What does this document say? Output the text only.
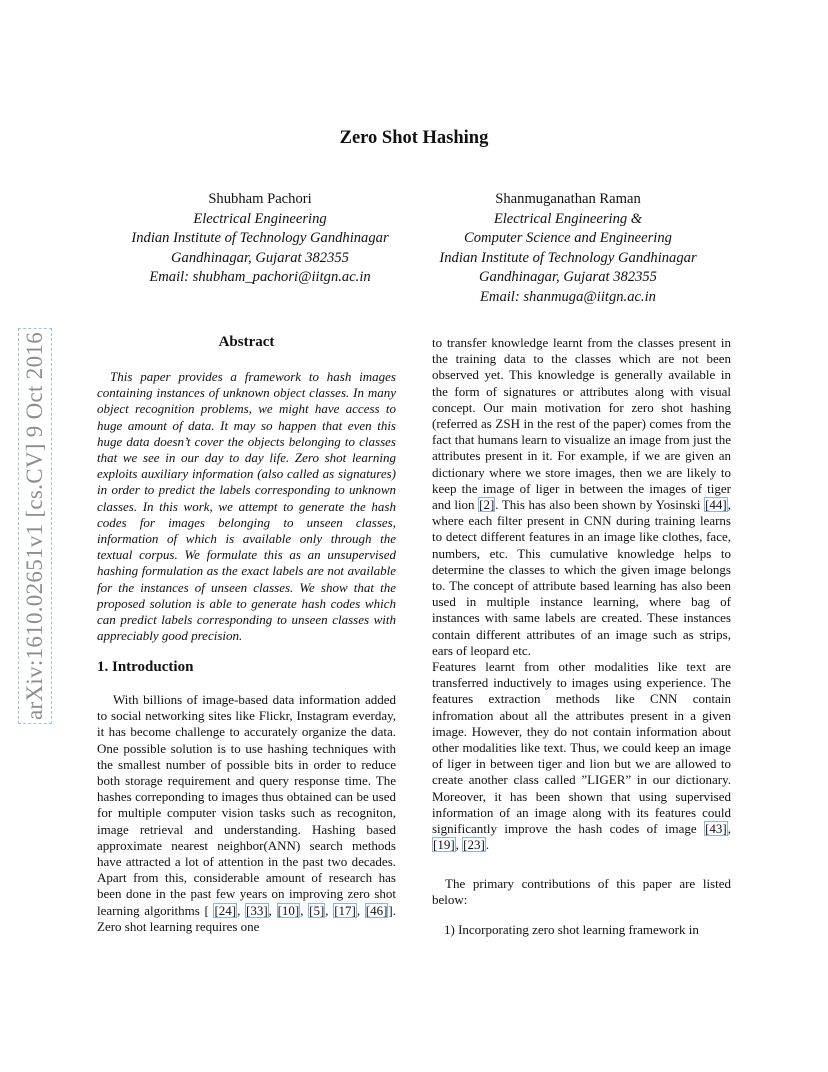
arXiv:1610.02651v1 [cs.CV] 9 Oct 2016
Zero Shot Hashing
Shubham Pachori
Electrical Engineering
Indian Institute of Technology Gandhinagar
Gandhinagar, Gujarat 382355
Email: shubham_pachori@iitgn.ac.in
Shanmuganathan Raman
Electrical Engineering &
Computer Science and Engineering
Indian Institute of Technology Gandhinagar
Gandhinagar, Gujarat 382355
Email: shanmuga@iitgn.ac.in
Abstract

This paper provides a framework to hash images containing instances of unknown object classes. In many object recognition problems, we might have access to huge amount of data. It may so happen that even this huge data doesn’t cover the objects belonging to classes that we see in our day to day life. Zero shot learning exploits auxiliary information (also called as signatures) in order to predict the labels corresponding to unknown classes. In this work, we attempt to generate the hash codes for images belonging to unseen classes, information of which is available only through the textual corpus. We formulate this as an unsupervised hashing formulation as the exact labels are not available for the instances of unseen classes. We show that the proposed solution is able to generate hash codes which can predict labels corresponding to unseen classes with appreciably good precision.

1. Introduction

With billions of image-based data information added to social networking sites like Flickr, Instagram everday, it has become challenge to accurately organize the data. One possible solution is to use hashing techniques with the smallest number of possible bits in order to reduce both storage requirement and query response time. The hashes correponding to images thus obtained can be used for multiple computer vision tasks such as recogniton, image retrieval and understanding. Hashing based approximate nearest neighbor(ANN) search methods have attracted a lot of attention in the past two decades. Apart from this, considerable amount of research has been done in the past few years on improving zero shot learning algorithms [ [24], [33], [10], [5], [17], [46]]. Zero shot learning requires one

to transfer knowledge learnt from the classes present in the training data to the classes which are not been observed yet. This knowledge is generally available in the form of signatures or attributes along with visual concept. Our main motivation for zero shot hashing (referred as ZSH in the rest of the paper) comes from the fact that humans learn to visualize an image from just the attributes present in it. For example, if we are given an dictionary where we store images, then we are likely to keep the image of liger in between the images of tiger and lion [2]. This has also been shown by Yosinski [44], where each filter present in CNN during training learns to detect different features in an image like clothes, face, numbers, etc. This cumulative knowledge helps to determine the classes to which the given image belongs to. The concept of attribute based learning has also been used in multiple instance learning, where bag of instances with same labels are created. These instances contain different attributes of an image such as strips, ears of leopard etc.

Features learnt from other modalities like text are transferred inductively to images using experience. The features extraction methods like CNN contain infromation about all the attributes present in a given image. However, they do not contain information about other modalities like text. Thus, we could keep an image of liger in between tiger and lion but we are allowed to create another class called ”LIGER” in our dictionary. Moreover, it has been shown that using supervised information of an image along with its features could significantly improve the hash codes of image [43], [19], [23].

The primary contributions of this paper are listed below:

1) Incorporating zero shot learning framework in
